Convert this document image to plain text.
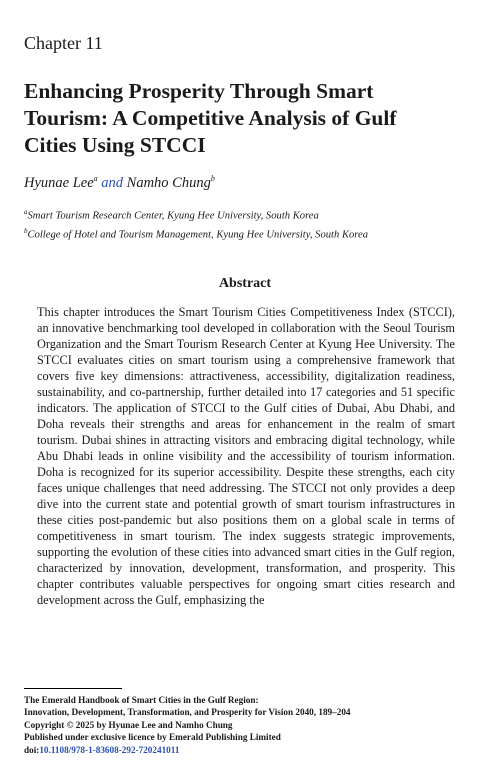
Chapter 11
Enhancing Prosperity Through Smart Tourism: A Competitive Analysis of Gulf Cities Using STCCI
Hyunae Lee$^a$ and Namho Chung$^b$
$^a$Smart Tourism Research Center, Kyung Hee University, South Korea
$^b$College of Hotel and Tourism Management, Kyung Hee University, South Korea
Abstract

This chapter introduces the Smart Tourism Cities Competitiveness Index (STCCI), an innovative benchmarking tool developed in collaboration with the Seoul Tourism Organization and the Smart Tourism Research Center at Kyung Hee University. The STCCI evaluates cities on smart tourism using a comprehensive framework that covers five key dimensions: attractiveness, accessibility, digitalization readiness, sustainability, and co-partnership, further detailed into 17 categories and 51 specific indicators. The application of STCCI to the Gulf cities of Dubai, Abu Dhabi, and Doha reveals their strengths and areas for enhancement in the realm of smart tourism. Dubai shines in attracting visitors and embracing digital technology, while Abu Dhabi leads in online visibility and the accessibility of tourism information. Doha is recognized for its superior accessibility. Despite these strengths, each city faces unique challenges that need addressing. The STCCI not only provides a deep dive into the current state and potential growth of smart tourism infrastructures in these cities post-pandemic but also positions them on a global scale in terms of competitiveness in smart tourism. The index suggests strategic improvements, supporting the evolution of these cities into advanced smart cities in the Gulf region, characterized by innovation, development, transformation, and prosperity. This chapter contributes valuable perspectives for ongoing smart cities research and development across the Gulf, emphasizing the

The Emerald Handbook of Smart Cities in the Gulf Region:
Innovation, Development, Transformation, and Prosperity for Vision 2040, 189–204
Copyright © 2025 by Hyunae Lee and Namho Chung
Published under exclusive licence by Emerald Publishing Limited
doi:10.1108/978-1-83608-292-720241011
